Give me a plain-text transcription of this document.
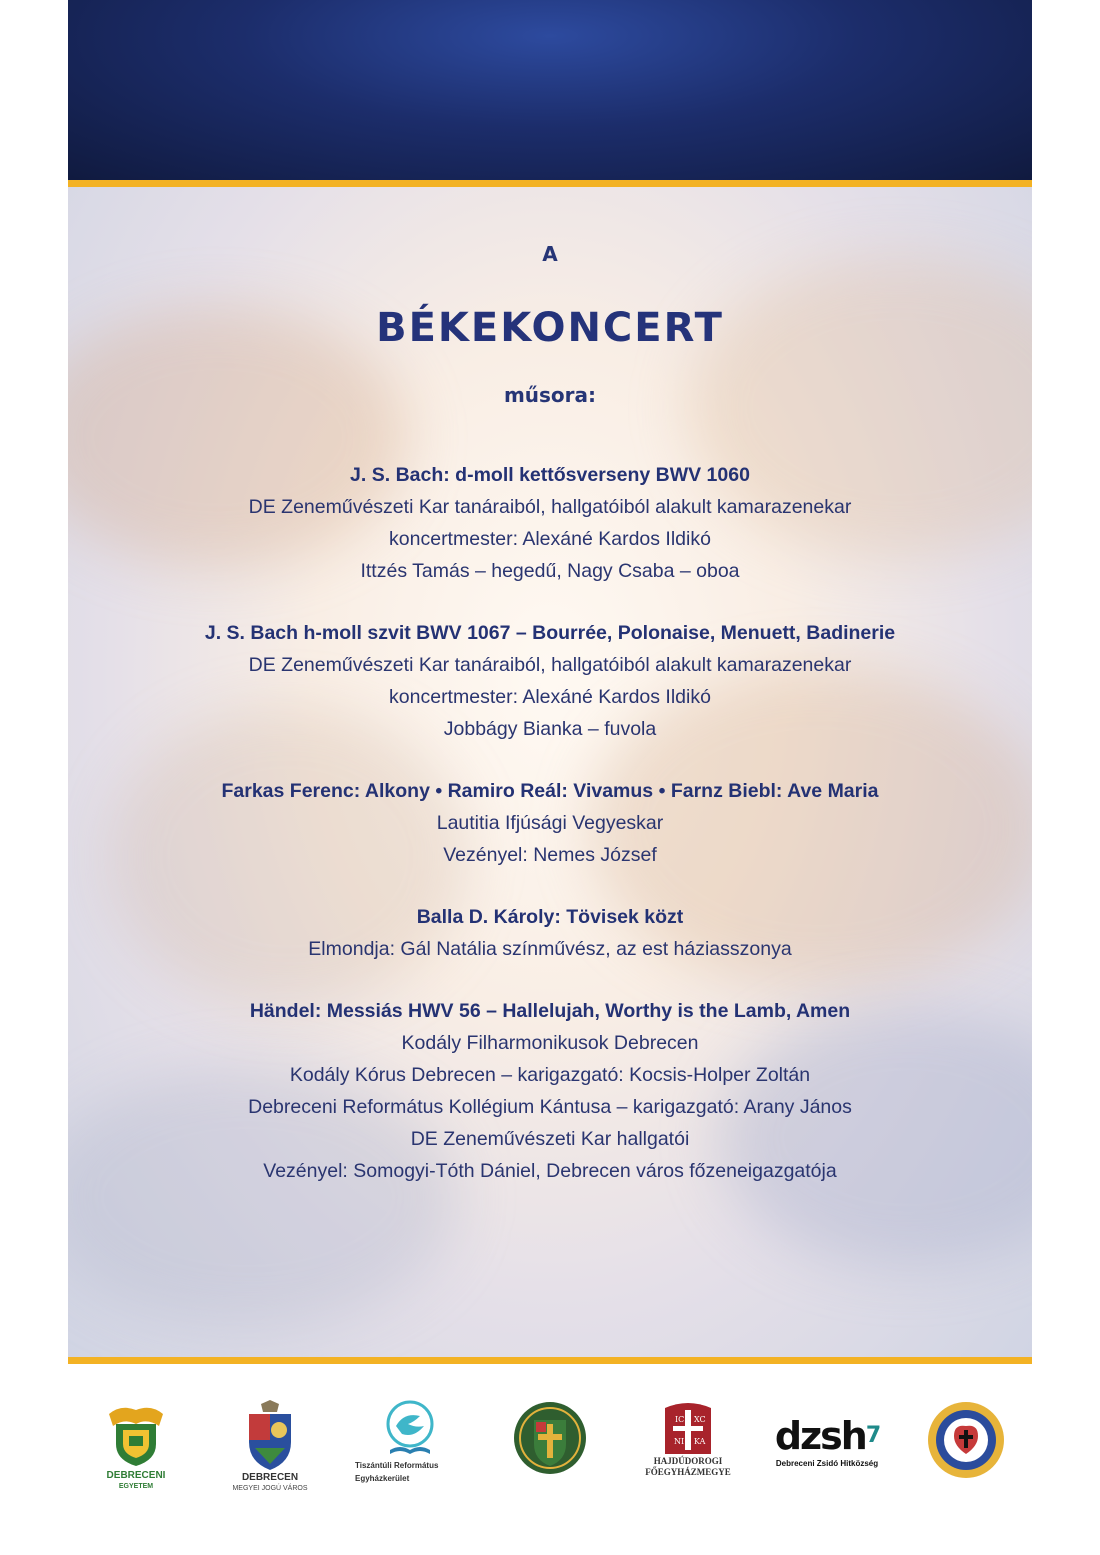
A
BÉKEKONCERT
műsora:
J. S. Bach: d-moll kettősverseny BWV 1060
DE Zeneművészeti Kar tanáraiból, hallgatóiból alakult kamarazenekar
koncertmester: Alexáné Kardos Ildikó
Ittzés Tamás – hegedű, Nagy Csaba – oboa
J. S. Bach h-moll szvit BWV 1067 – Bourrée, Polonaise, Menuett, Badinerie
DE Zeneművészeti Kar tanáraiból, hallgatóiból alakult kamarazenekar
koncertmester: Alexáné Kardos Ildikó
Jobbágy Bianka – fuvola
Farkas Ferenc: Alkony • Ramiro Reál: Vivamus • Farnz Biebl: Ave Maria
Lautitia Ifjúsági Vegyeskar
Vezényel: Nemes József
Balla D. Károly: Tövisek közt
Elmondja: Gál Natália színművész, az est háziasszonya
Händel: Messiás HWV 56 – Hallelujah, Worthy is the Lamb, Amen
Kodály Filharmonikusok Debrecen
Kodály Kórus Debrecen – karigazgató: Kocsis-Holper Zoltán
Debreceni Református Kollégium Kántusa – karigazgató: Arany János
DE Zeneművészeti Kar hallgatói
Vezényel: Somogyi-Tóth Dániel, Debrecen város főzeneigazgatója
DEBRECENI
EGYETEM
DEBRECEN
MEGYEI JOGÚ VÁROS
Tiszántúli Református
Egyházkerület
IC XC
NI KA
HAJDÚDOROGI
FŐEGYHÁZMEGYE
dzsh$^7$
Debreceni Zsidó Hitközség
